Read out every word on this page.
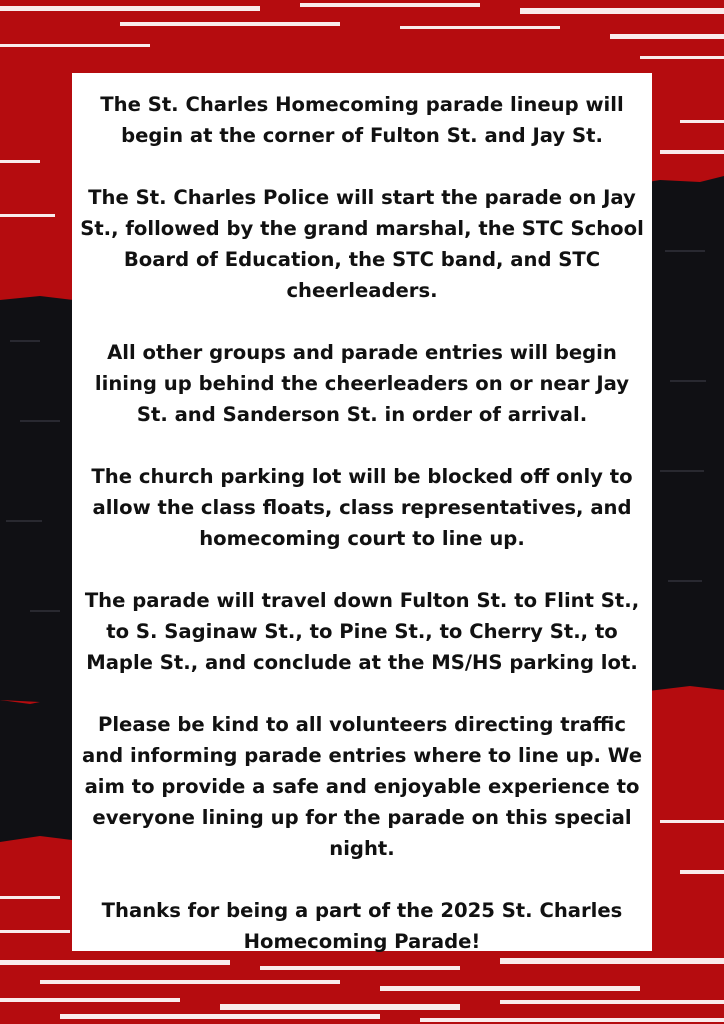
The St. Charles Homecoming parade lineup will begin at the corner of Fulton St. and Jay St.

The St. Charles Police will start the parade on Jay St., followed by the grand marshal, the STC School Board of Education, the STC band, and STC cheerleaders.

All other groups and parade entries will begin lining up behind the cheerleaders on or near Jay St. and Sanderson St. in order of arrival.

The church parking lot will be blocked off only to allow the class floats, class representatives, and homecoming court to line up.

The parade will travel down Fulton St. to Flint St., to S. Saginaw St., to Pine St., to Cherry St., to Maple St., and conclude at the MS/HS parking lot.

Please be kind to all volunteers directing traffic and informing parade entries where to line up. We aim to provide a safe and enjoyable experience to everyone lining up for the parade on this special night.

Thanks for being a part of the 2025 St. Charles Homecoming Parade!
